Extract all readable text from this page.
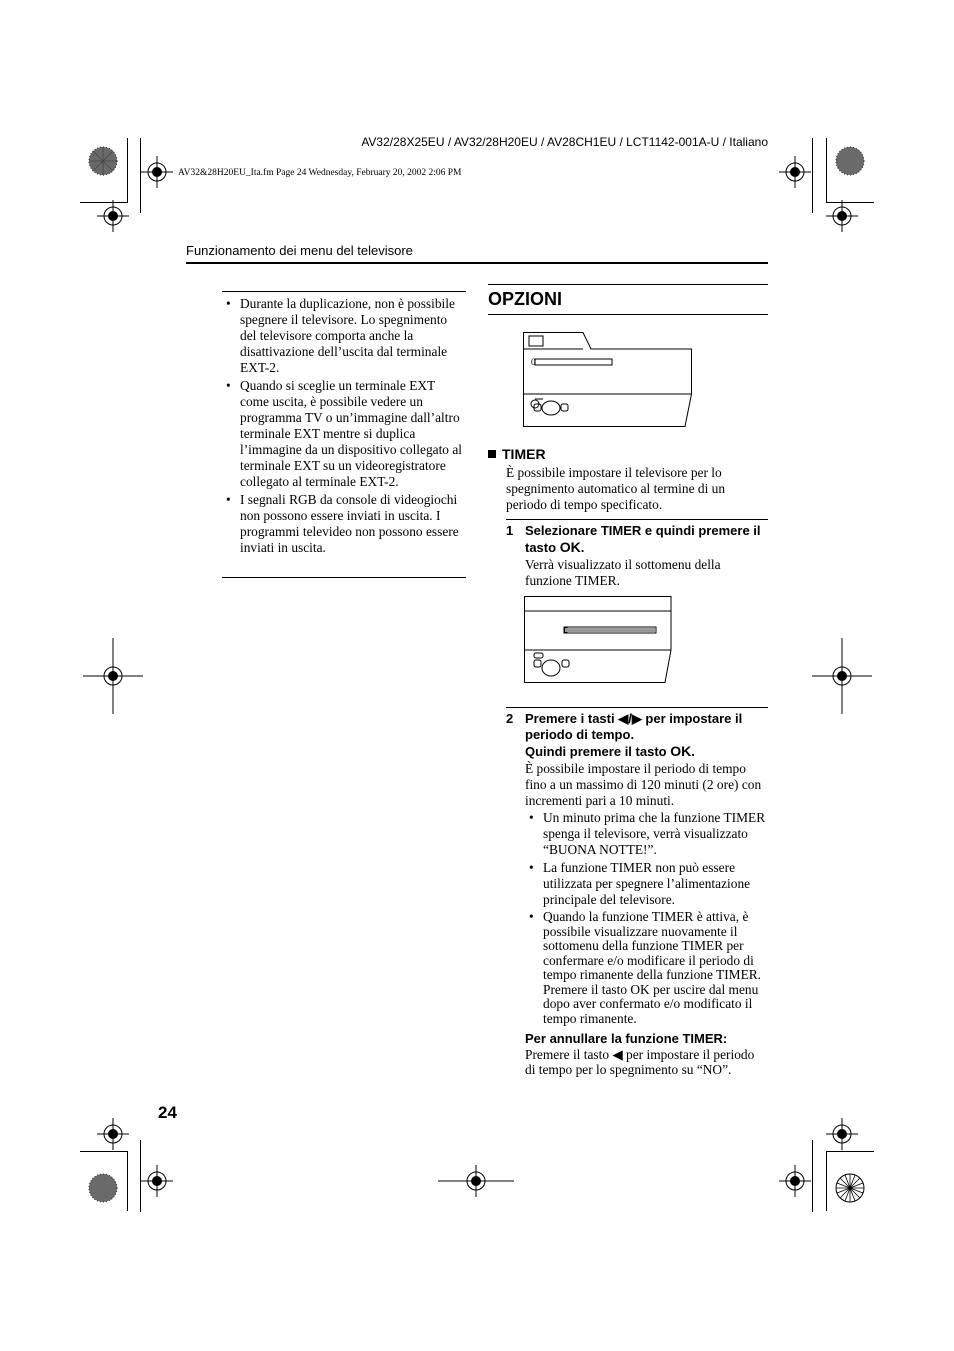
AV32/28X25EU / AV32/28H20EU / AV28CH1EU / LCT1142-001A-U / Italiano
AV32&28H20EU_Ita.fm Page 24 Wednesday, February 20, 2002 2:06 PM
Funzionamento dei menu del televisore
• Durante la duplicazione, non è possibile spegnere il televisore. Lo spegnimento del televisore comporta anche la disattivazione dell’uscita dal terminale EXT-2.
• Quando si sceglie un terminale EXT come uscita, è possibile vedere un programma TV o un’immagine dall’altro terminale EXT mentre si duplica l’immagine da un dispositivo collegato al terminale EXT su un videoregistratore collegato al terminale EXT-2.
• I segnali RGB da console di videogiochi non possono essere inviati in uscita. I programmi televideo non possono essere inviati in uscita.
OPZIONI
0
TIMER
È possibile impostare il televisore per lo spegnimento automatico al termine di un periodo di tempo specificato.
1 Selezionare TIMER e quindi premere il tasto OK.
Verrà visualizzato il sottomenu della funzione TIMER.
2 Premere i tasti ◀/▶ per impostare il periodo di tempo.
Quindi premere il tasto OK.
È possibile impostare il periodo di tempo fino a un massimo di 120 minuti (2 ore) con incrementi pari a 10 minuti.
• Un minuto prima che la funzione TIMER spenga il televisore, verrà visualizzato “BUONA NOTTE!”.
• La funzione TIMER non può essere utilizzata per spegnere l’alimentazione principale del televisore.
• Quando la funzione TIMER è attiva, è possibile visualizzare nuovamente il sottomenu della funzione TIMER per confermare e/o modificare il periodo di tempo rimanente della funzione TIMER. Premere il tasto OK per uscire dal menu dopo aver confermato e/o modificato il tempo rimanente.
Per annullare la funzione TIMER:
Premere il tasto ◀ per impostare il periodo di tempo per lo spegnimento su “NO”.
24
